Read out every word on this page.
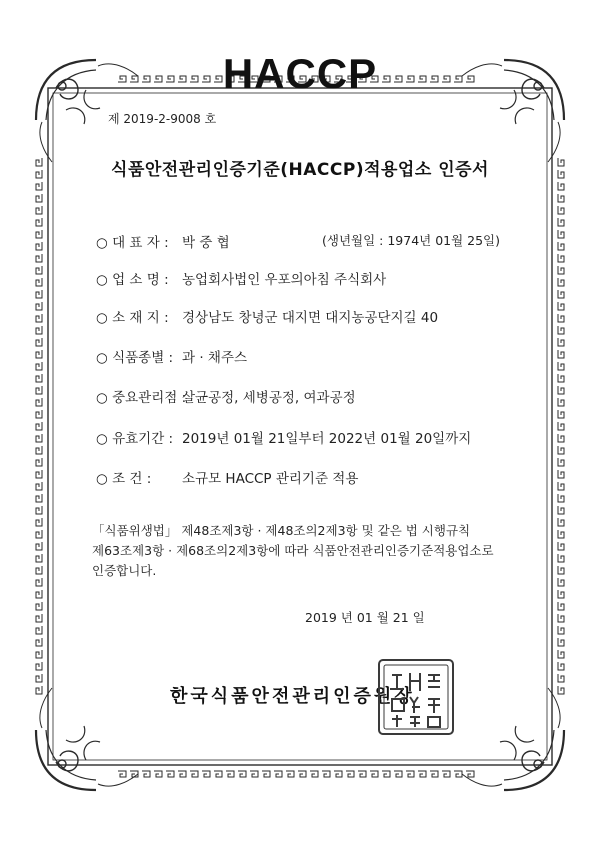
HACCP
제 2019-2-9008 호
식품안전관리인증기준(HACCP)적용업소 인증서
○ 대 표 자 : 박 중 협	(생년월일 : 1974년 01월 25일)
○ 업 소 명 : 농업회사법인 우포의아침 주식회사
○ 소 재 지 : 경상남도 창녕군 대지면 대지농공단지길 40
○ 식품종별 : 과 · 채주스
○ 중요관리점 :살균공정, 세병공정, 여과공정
○ 유효기간 : 2019년 01월 21일부터 2022년 01월 20일까지
○ 조 건 : 소규모 HACCP 관리기준 적용
「식품위생법」 제48조제3항 · 제48조의2제3항 및 같은 법 시행규칙
제63조제3항 · 제68조의2제3항에 따라 식품안전관리인증기준적용업소로
인증합니다.
2019 년 01 월 21 일
한국식품안전관리인증원장
